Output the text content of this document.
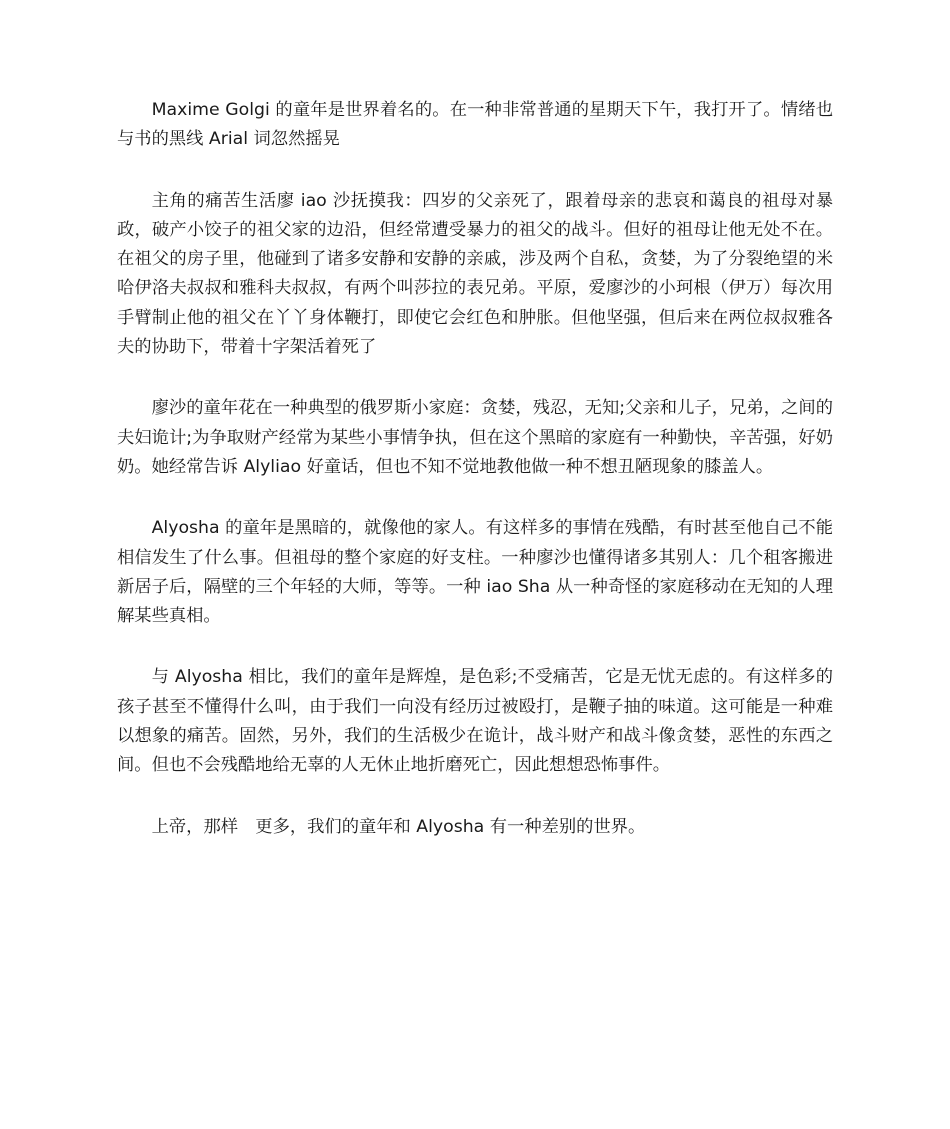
Maxime Golgi 的童年是世界着名的。在一种非常普通的星期天下午，我打开了。情绪也与书的黑线 Arial 词忽然摇晃

主角的痛苦生活廖 iao 沙抚摸我：四岁的父亲死了，跟着母亲的悲哀和蔼良的祖母对暴政，破产小饺子的祖父家的边沿，但经常遭受暴力的祖父的战斗。但好的祖母让他无处不在。在祖父的房子里，他碰到了诸多安静和安静的亲戚，涉及两个自私，贪婪，为了分裂绝望的米哈伊洛夫叔叔和雅科夫叔叔，有两个叫莎拉的表兄弟。平原，爱廖沙的小珂根（伊万）每次用手臂制止他的祖父在丫丫身体鞭打，即使它会红色和肿胀。但他坚强，但后来在两位叔叔雅各夫的协助下，带着十字架活着死了

廖沙的童年花在一种典型的俄罗斯小家庭：贪婪，残忍，无知;父亲和儿子，兄弟，之间的夫妇诡计;为争取财产经常为某些小事情争执，但在这个黑暗的家庭有一种勤快，辛苦强，好奶奶。她经常告诉 Alyliao 好童话，但也不知不觉地教他做一种不想丑陋现象的膝盖人。

Alyosha 的童年是黑暗的，就像他的家人。有这样多的事情在残酷，有时甚至他自己不能相信发生了什么事。但祖母的整个家庭的好支柱。一种廖沙也懂得诸多其别人：几个租客搬进新居子后，隔壁的三个年轻的大师，等等。一种 iao Sha 从一种奇怪的家庭移动在无知的人理解某些真相。

与 Alyosha 相比，我们的童年是辉煌，是色彩;不受痛苦，它是无忧无虑的。有这样多的孩子甚至不懂得什么叫，由于我们一向没有经历过被殴打，是鞭子抽的味道。这可能是一种难以想象的痛苦。固然，另外，我们的生活极少在诡计，战斗财产和战斗像贪婪，恶性的东西之间。但也不会残酷地给无辜的人无休止地折磨死亡，因此想想恐怖事件。

上帝，那样　更多，我们的童年和 Alyosha 有一种差别的世界。
